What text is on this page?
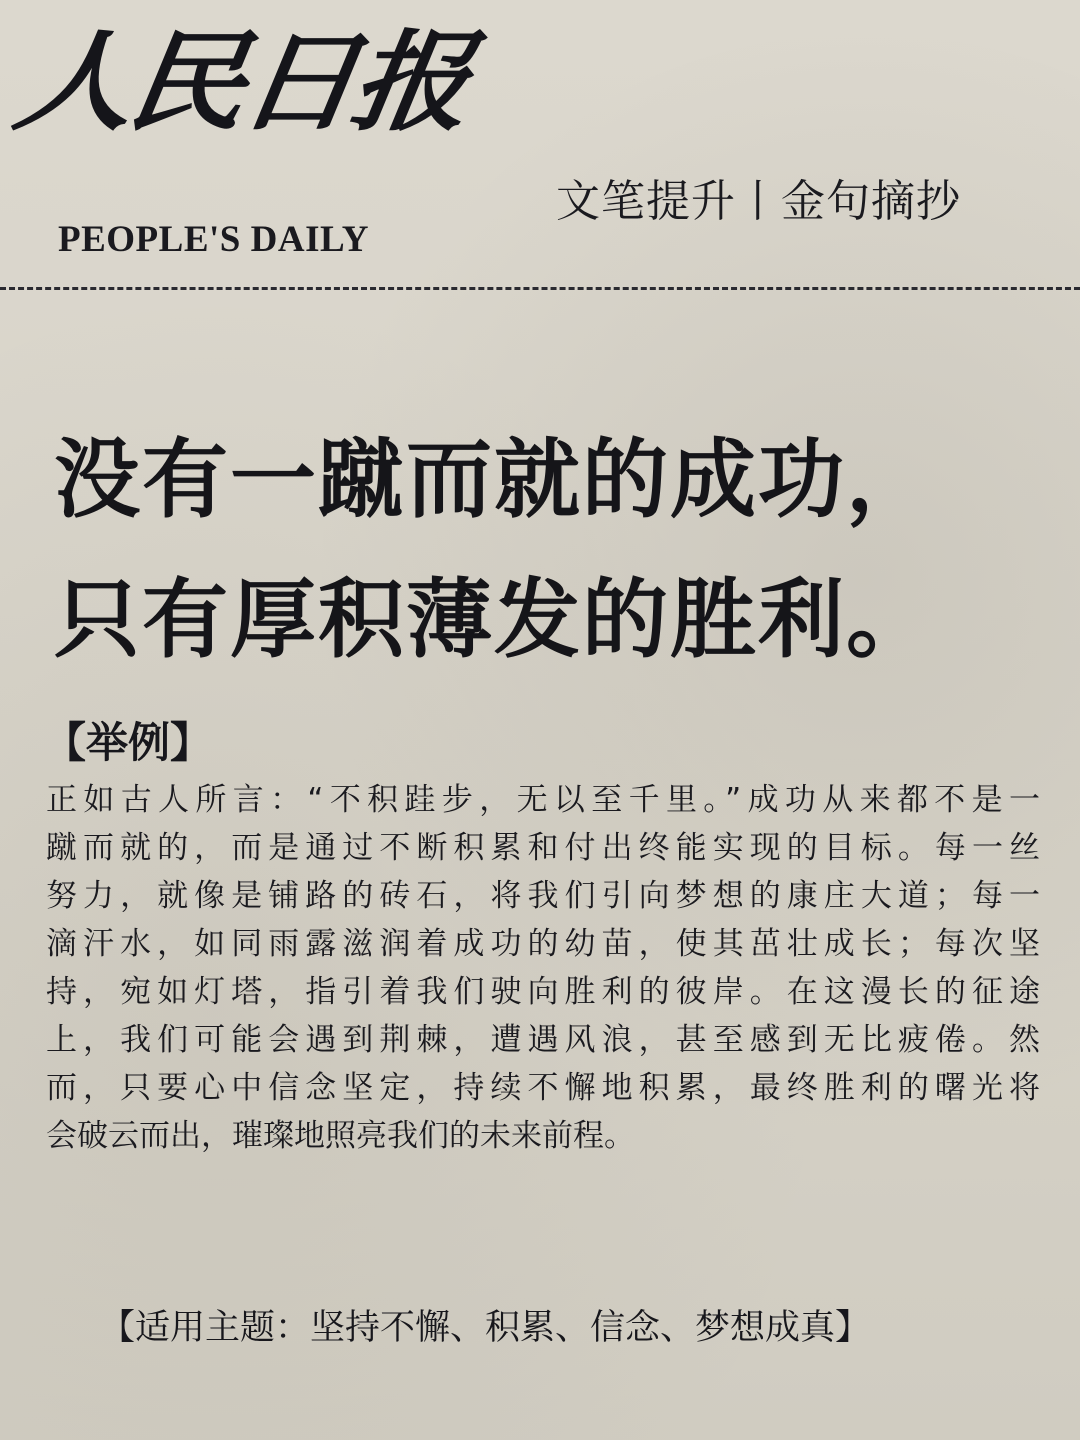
人民日报
PEOPLE'S DAILY
文笔提升丨金句摘抄
没有一蹴而就的成功，
只有厚积薄发的胜利。
【举例】
正如古人所言：“不积跬步，无以至千里。”成功从来都不是一
蹴而就的，而是通过不断积累和付出终能实现的目标。每一丝
努力，就像是铺路的砖石，将我们引向梦想的康庄大道；每一
滴汗水，如同雨露滋润着成功的幼苗，使其茁壮成长；每次坚
持，宛如灯塔，指引着我们驶向胜利的彼岸。在这漫长的征途
上，我们可能会遇到荆棘，遭遇风浪，甚至感到无比疲倦。然
而，只要心中信念坚定，持续不懈地积累，最终胜利的曙光将
会破云而出，璀璨地照亮我们的未来前程。
【适用主题：坚持不懈、积累、信念、梦想成真】
